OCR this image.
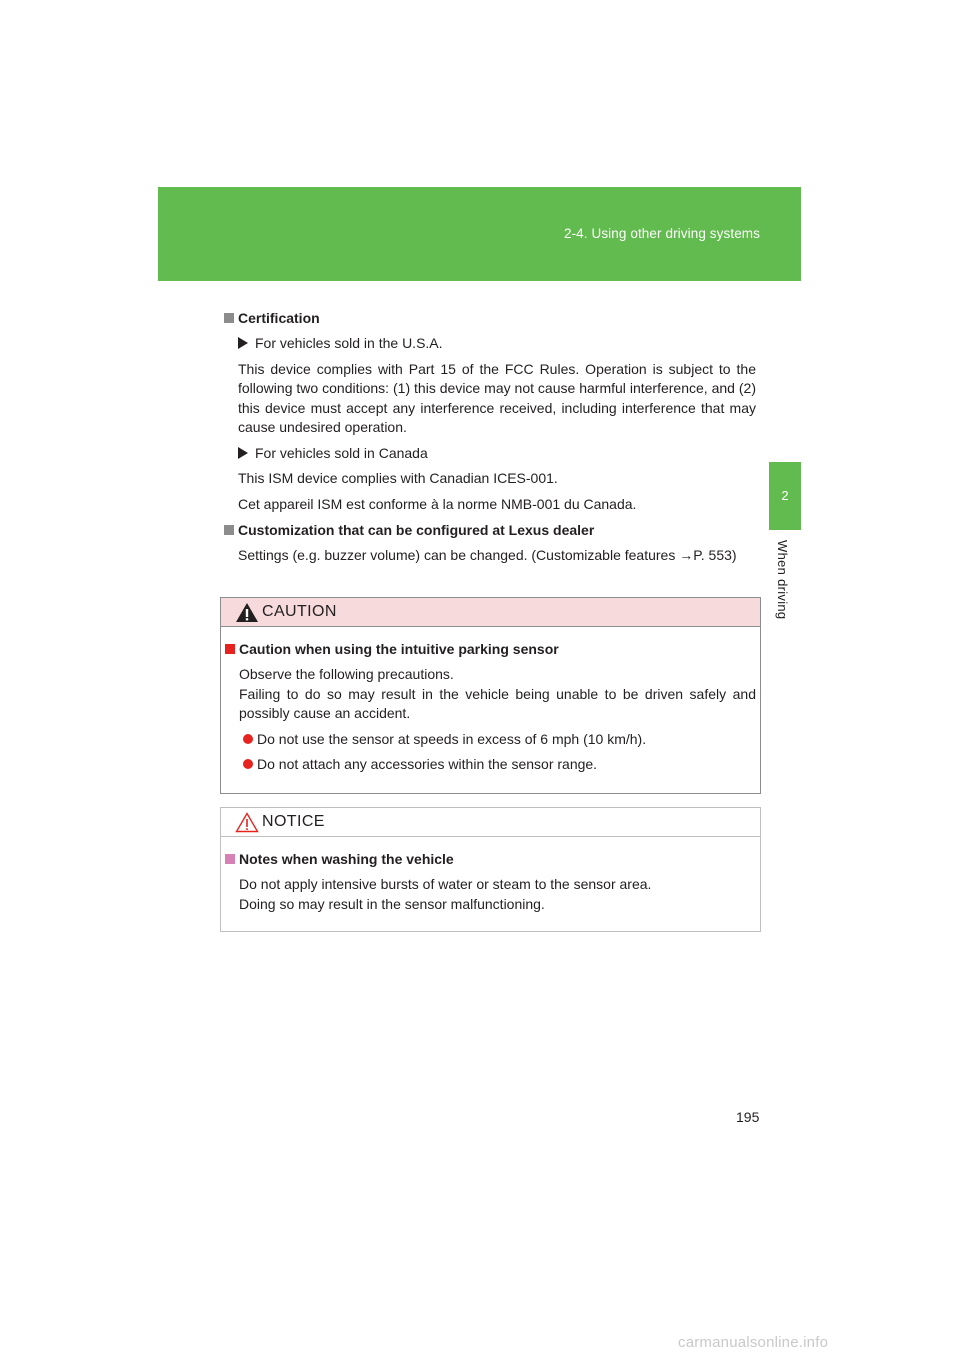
2-4. Using other driving systems
2
When driving
Certification
For vehicles sold in the U.S.A.
This device complies with Part 15 of the FCC Rules. Operation is subject to the following two conditions: (1) this device may not cause harmful interference, and (2) this device must accept any interference received, including interference that may cause undesired operation.
For vehicles sold in Canada
This ISM device complies with Canadian ICES-001.
Cet appareil ISM est conforme à la norme NMB-001 du Canada.
Customization that can be configured at Lexus dealer
Settings (e.g. buzzer volume) can be changed. (Customizable features →P. 553)
CAUTION
Caution when using the intuitive parking sensor
Observe the following precautions.
Failing to do so may result in the vehicle being unable to be driven safely and possibly cause an accident.
Do not use the sensor at speeds in excess of 6 mph (10 km/h).
Do not attach any accessories within the sensor range.
NOTICE
Notes when washing the vehicle
Do not apply intensive bursts of water or steam to the sensor area.
Doing so may result in the sensor malfunctioning.
195
carmanualsonline.info
